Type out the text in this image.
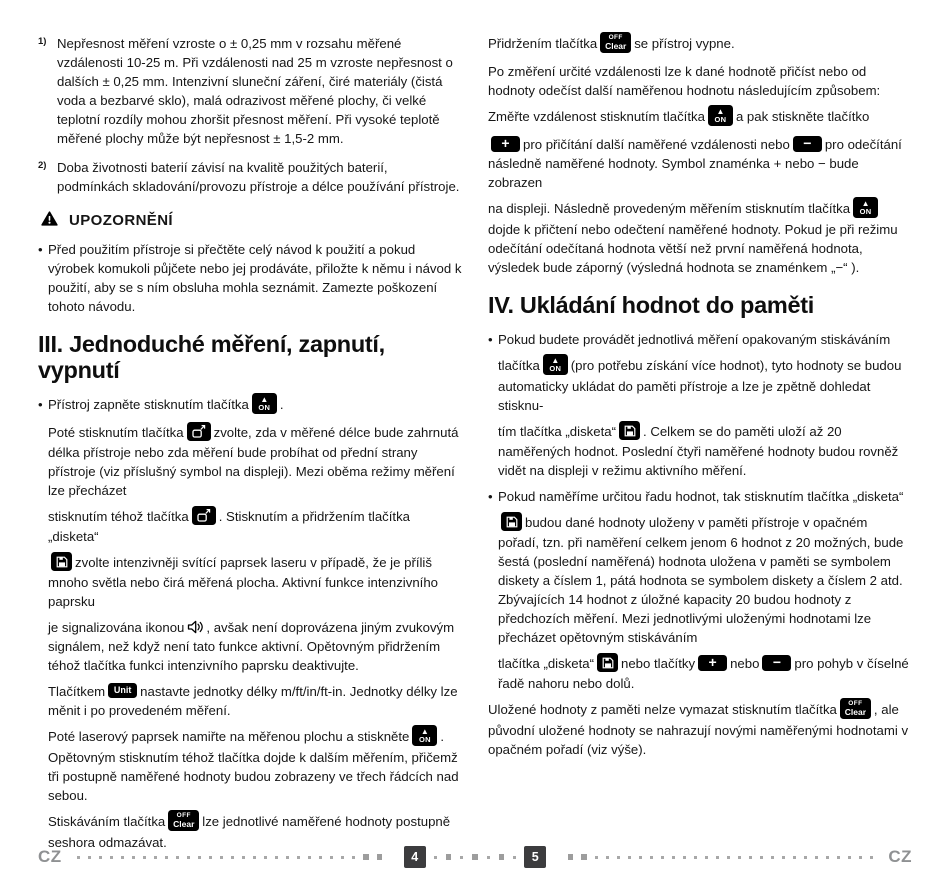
1) Nepřesnost měření vzroste o ± 0,25 mm v rozsahu měřené vzdálenosti 10-25 m. Při vzdálenosti nad 25 m vzroste nepřesnost o dalších ± 0,25 mm. Intenzivní sluneční záření, čiré materiály (čistá voda a bezbarvé sklo), malá odrazivost měřené plochy, či velké teplotní rozdíly mohou zhoršit přesnost měření. Při vysoké teplotě měřené plochy může být nepřesnost ± 1,5-2 mm.
2) Doba životnosti baterií závisí na kvalitě použitých baterií, podmínkách skladování/provozu přístroje a délce používání přístroje.
UPOZORNĚNÍ
• Před použitím přístroje si přečtěte celý návod k použití a pokud výrobek komukoli půjčete nebo jej prodáváte, přiložte k němu i návod k použití, aby se s ním obsluha mohla seznámit. Zamezte poškození tohoto návodu.
III. Jednoduché měření, zapnutí, vypnutí
• Přístroj zapněte stisknutím tlačítka ▲
ON .
Poté stisknutím tlačítka zvolte, zda v měřené délce bude zahrnutá délka přístroje nebo zda měření bude probíhat od přední strany přístroje (viz příslušný symbol na displeji). Mezi oběma režimy měření lze přecházet
stisknutím téhož tlačítka . Stisknutím a přidržením tlačítka „disketa“
zvolte intenzivněji svítící paprsek laseru v případě, že je příliš mnoho světla nebo čirá měřená plocha. Aktivní funkce intenzivního paprsku
je signalizována ikonou , avšak není doprovázena jiným zvukovým signálem, než když není tato funkce aktivní. Opětovným přidržením téhož tlačítka funkci intenzivního paprsku deaktivujte.
Tlačítkem Unit nastavte jednotky délky m/ft/in/ft-in. Jednotky délky lze měnit i po provedeném měření.
Poté laserový paprsek namiřte na měřenou plochu a stiskněte ▲
ON . Opětovným stisknutím téhož tlačítka dojde k dalším měřením, přičemž tři postupně naměřené hodnoty budou zobrazeny ve třech řádcích nad sebou.
Stiskáváním tlačítka OFF
Clear lze jednotlivé naměřené hodnoty postupně seshora odmazávat.
Přidržením tlačítka OFF
Clear se přístroj vypne.
Po změření určité vzdálenosti lze k dané hodnotě přičíst nebo od hodnoty odečíst další naměřenou hodnotu následujícím způsobem:
Změřte vzdálenost stisknutím tlačítka ▲
ON a pak stiskněte tlačítko
+ pro přičítání další naměřené vzdálenosti nebo − pro odečítání následně naměřené hodnoty. Symbol znaménka + nebo − bude zobrazen
na displeji. Následně provedeným měřením stisknutím tlačítka ▲
ON
dojde k přičtení nebo odečtení naměřené hodnoty. Pokud je při režimu odečítání odečítaná hodnota větší než první naměřená hodnota, výsledek bude záporný (výsledná hodnota se znaménkem „−“ ).
IV. Ukládání hodnot do paměti
• Pokud budete provádět jednotlivá měření opakovaným stiskáváním
tlačítka ▲
ON (pro potřebu získání více hodnot), tyto hodnoty se budou automaticky ukládat do paměti přístroje a lze je zpětně dohledat stisknu-
tím tlačítka „disketa“ . Celkem se do paměti uloží až 20 naměřených hodnot. Poslední čtyři naměřené hodnoty budou rovněž vidět na displeji v režimu aktivního měření.
• Pokud naměříme určitou řadu hodnot, tak stisknutím tlačítka „disketa“
budou dané hodnoty uloženy v paměti přístroje v opačném pořadí, tzn. při naměření celkem jenom 6 hodnot z 20 možných, bude šestá (poslední naměřená) hodnota uložena v paměti se symbolem diskety a číslem 1, pátá hodnota se symbolem diskety a číslem 2 atd. Zbývajících 14 hodnot z úložné kapacity 20 budou hodnoty z předchozích měření. Mezi jednotlivými uloženými hodnotami lze přecházet opětovným stiskáváním
tlačítka „disketa“ nebo tlačítky + nebo − pro pohyb v číselné řadě nahoru nebo dolů.
Uložené hodnoty z paměti nelze vymazat stisknutím tlačítka OFF
Clear , ale původní uložené hodnoty se nahrazují novými naměřenými hodnotami v opačném pořadí (viz výše).
CZ	4	5	CZ
